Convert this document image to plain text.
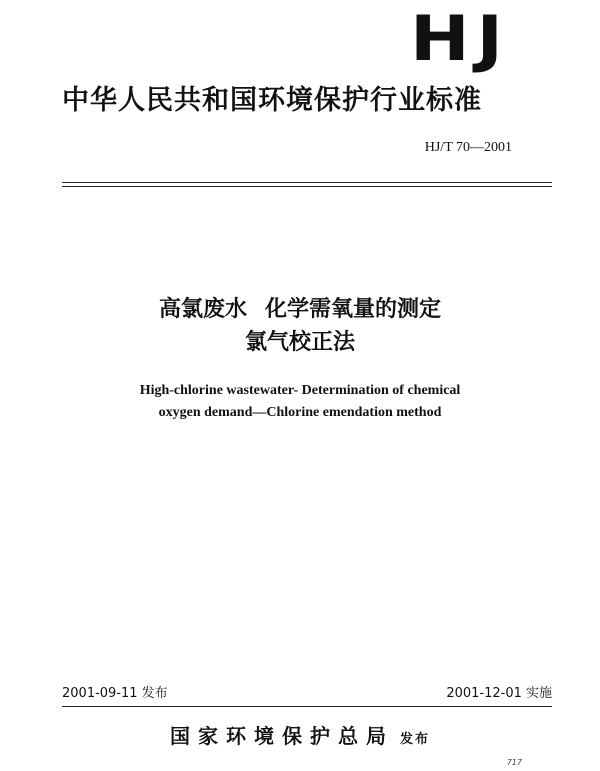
HJ
中华人民共和国环境保护行业标准
HJ/T 70—2001
高氯废水 化学需氧量的测定
氯气校正法
High-chlorine wastewater- Determination of chemical
oxygen demand—Chlorine emendation method
2001-09-11 发布	2001-12-01 实施
国家环境保护总局 发布
717
